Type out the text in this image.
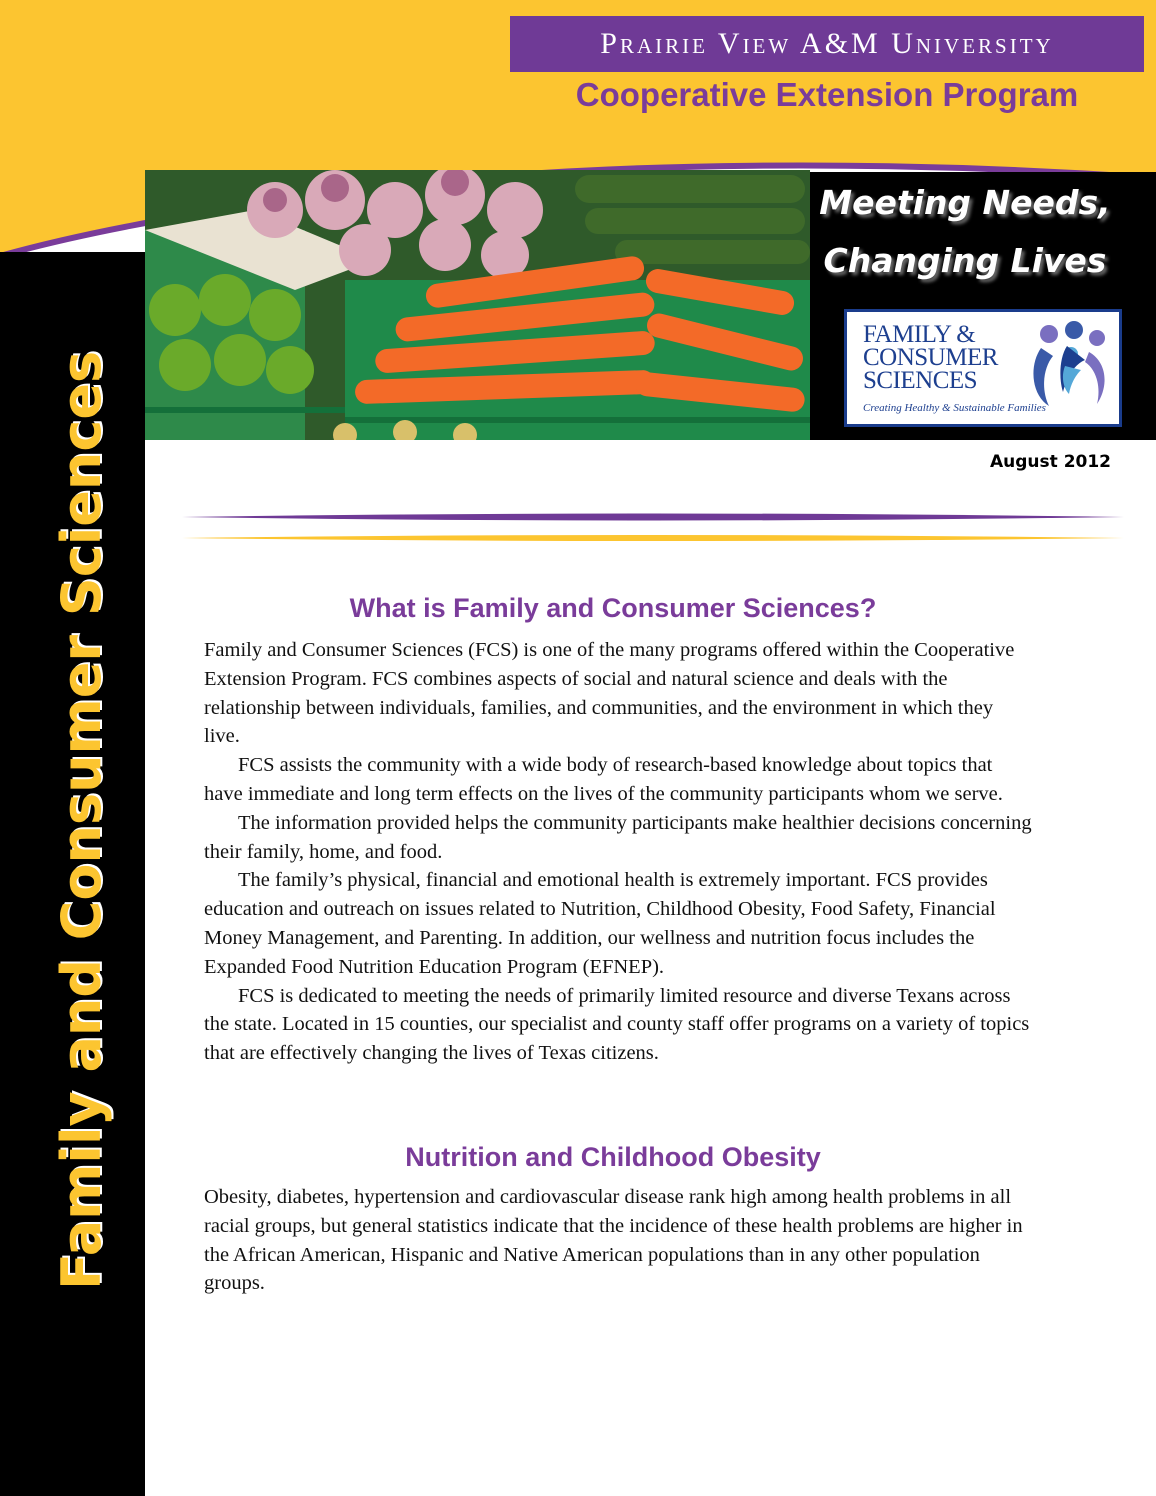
Prairie View A&M University
Cooperative Extension Program
Family and Consumer Sciences
Meeting Needs,
Changing Lives
FAMILY &
CONSUMER
SCIENCES
Creating Healthy & Sustainable Families
August 2012
What is Family and Consumer Sciences?

Family and Consumer Sciences (FCS) is one of the many programs offered within the Cooperative Extension Program. FCS combines aspects of social and natural science and deals with the relationship between individuals, families, and communities, and the environment in which they live.

FCS assists the community with a wide body of research-based knowledge about topics that have immediate and long term effects on the lives of the community participants whom we serve.

The information provided helps the community participants make healthier decisions concerning their family, home, and food.

The family’s physical, financial and emotional health is extremely important. FCS provides education and outreach on issues related to Nutrition, Childhood Obesity, Food Safety, Financial Money Management, and Parenting. In addition, our wellness and nutrition focus includes the Expanded Food Nutrition Education Program (EFNEP).

FCS is dedicated to meeting the needs of primarily limited resource and diverse Texans across the state. Located in 15 counties, our specialist and county staff offer programs on a variety of topics that are effectively changing the lives of Texas citizens.

Nutrition and Childhood Obesity

Obesity, diabetes, hypertension and cardiovascular disease rank high among health problems in all racial groups, but general statistics indicate that the incidence of these health problems are higher in the African American, Hispanic and Native American populations than in any other population groups.
